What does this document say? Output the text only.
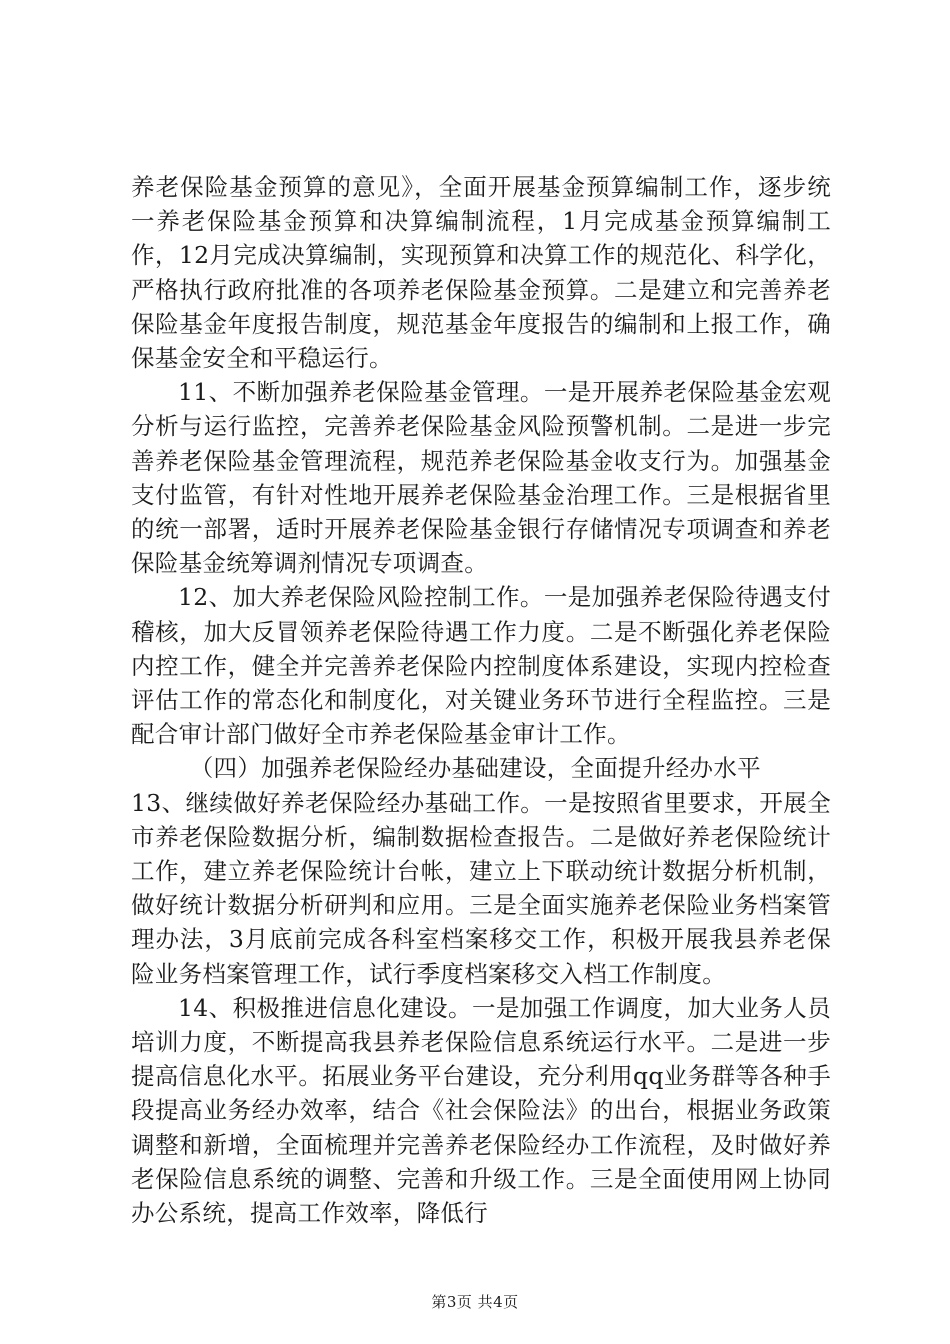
养老保险基金预算的意见》，全面开展基金预算编制工作，逐步统一养老保险基金预算和决算编制流程，1月完成基金预算编制工作，12月完成决算编制，实现预算和决算工作的规范化、科学化，严格执行政府批准的各项养老保险基金预算。二是建立和完善养老保险基金年度报告制度，规范基金年度报告的编制和上报工作，确保基金安全和平稳运行。

11、不断加强养老保险基金管理。一是开展养老保险基金宏观分析与运行监控，完善养老保险基金风险预警机制。二是进一步完善养老保险基金管理流程，规范养老保险基金收支行为。加强基金支付监管，有针对性地开展养老保险基金治理工作。三是根据省里的统一部署，适时开展养老保险基金银行存储情况专项调查和养老保险基金统筹调剂情况专项调查。

12、加大养老保险风险控制工作。一是加强养老保险待遇支付稽核，加大反冒领养老保险待遇工作力度。二是不断强化养老保险内控工作，健全并完善养老保险内控制度体系建设，实现内控检查评估工作的常态化和制度化，对关键业务环节进行全程监控。三是配合审计部门做好全市养老保险基金审计工作。

（四）加强养老保险经办基础建设，全面提升经办水平

13、继续做好养老保险经办基础工作。一是按照省里要求，开展全市养老保险数据分析，编制数据检查报告。二是做好养老保险统计工作，建立养老保险统计台帐，建立上下联动统计数据分析机制，做好统计数据分析研判和应用。三是全面实施养老保险业务档案管理办法，3月底前完成各科室档案移交工作，积极开展我县养老保险业务档案管理工作，试行季度档案移交入档工作制度。

14、积极推进信息化建设。一是加强工作调度，加大业务人员培训力度，不断提高我县养老保险信息系统运行水平。二是进一步提高信息化水平。拓展业务平台建设，充分利用qq业务群等各种手段提高业务经办效率，结合《社会保险法》的出台，根据业务政策调整和新增，全面梳理并完善养老保险经办工作流程，及时做好养老保险信息系统的调整、完善和升级工作。三是全面使用网上协同办公系统，提高工作效率，降低行

第3页 共4页
